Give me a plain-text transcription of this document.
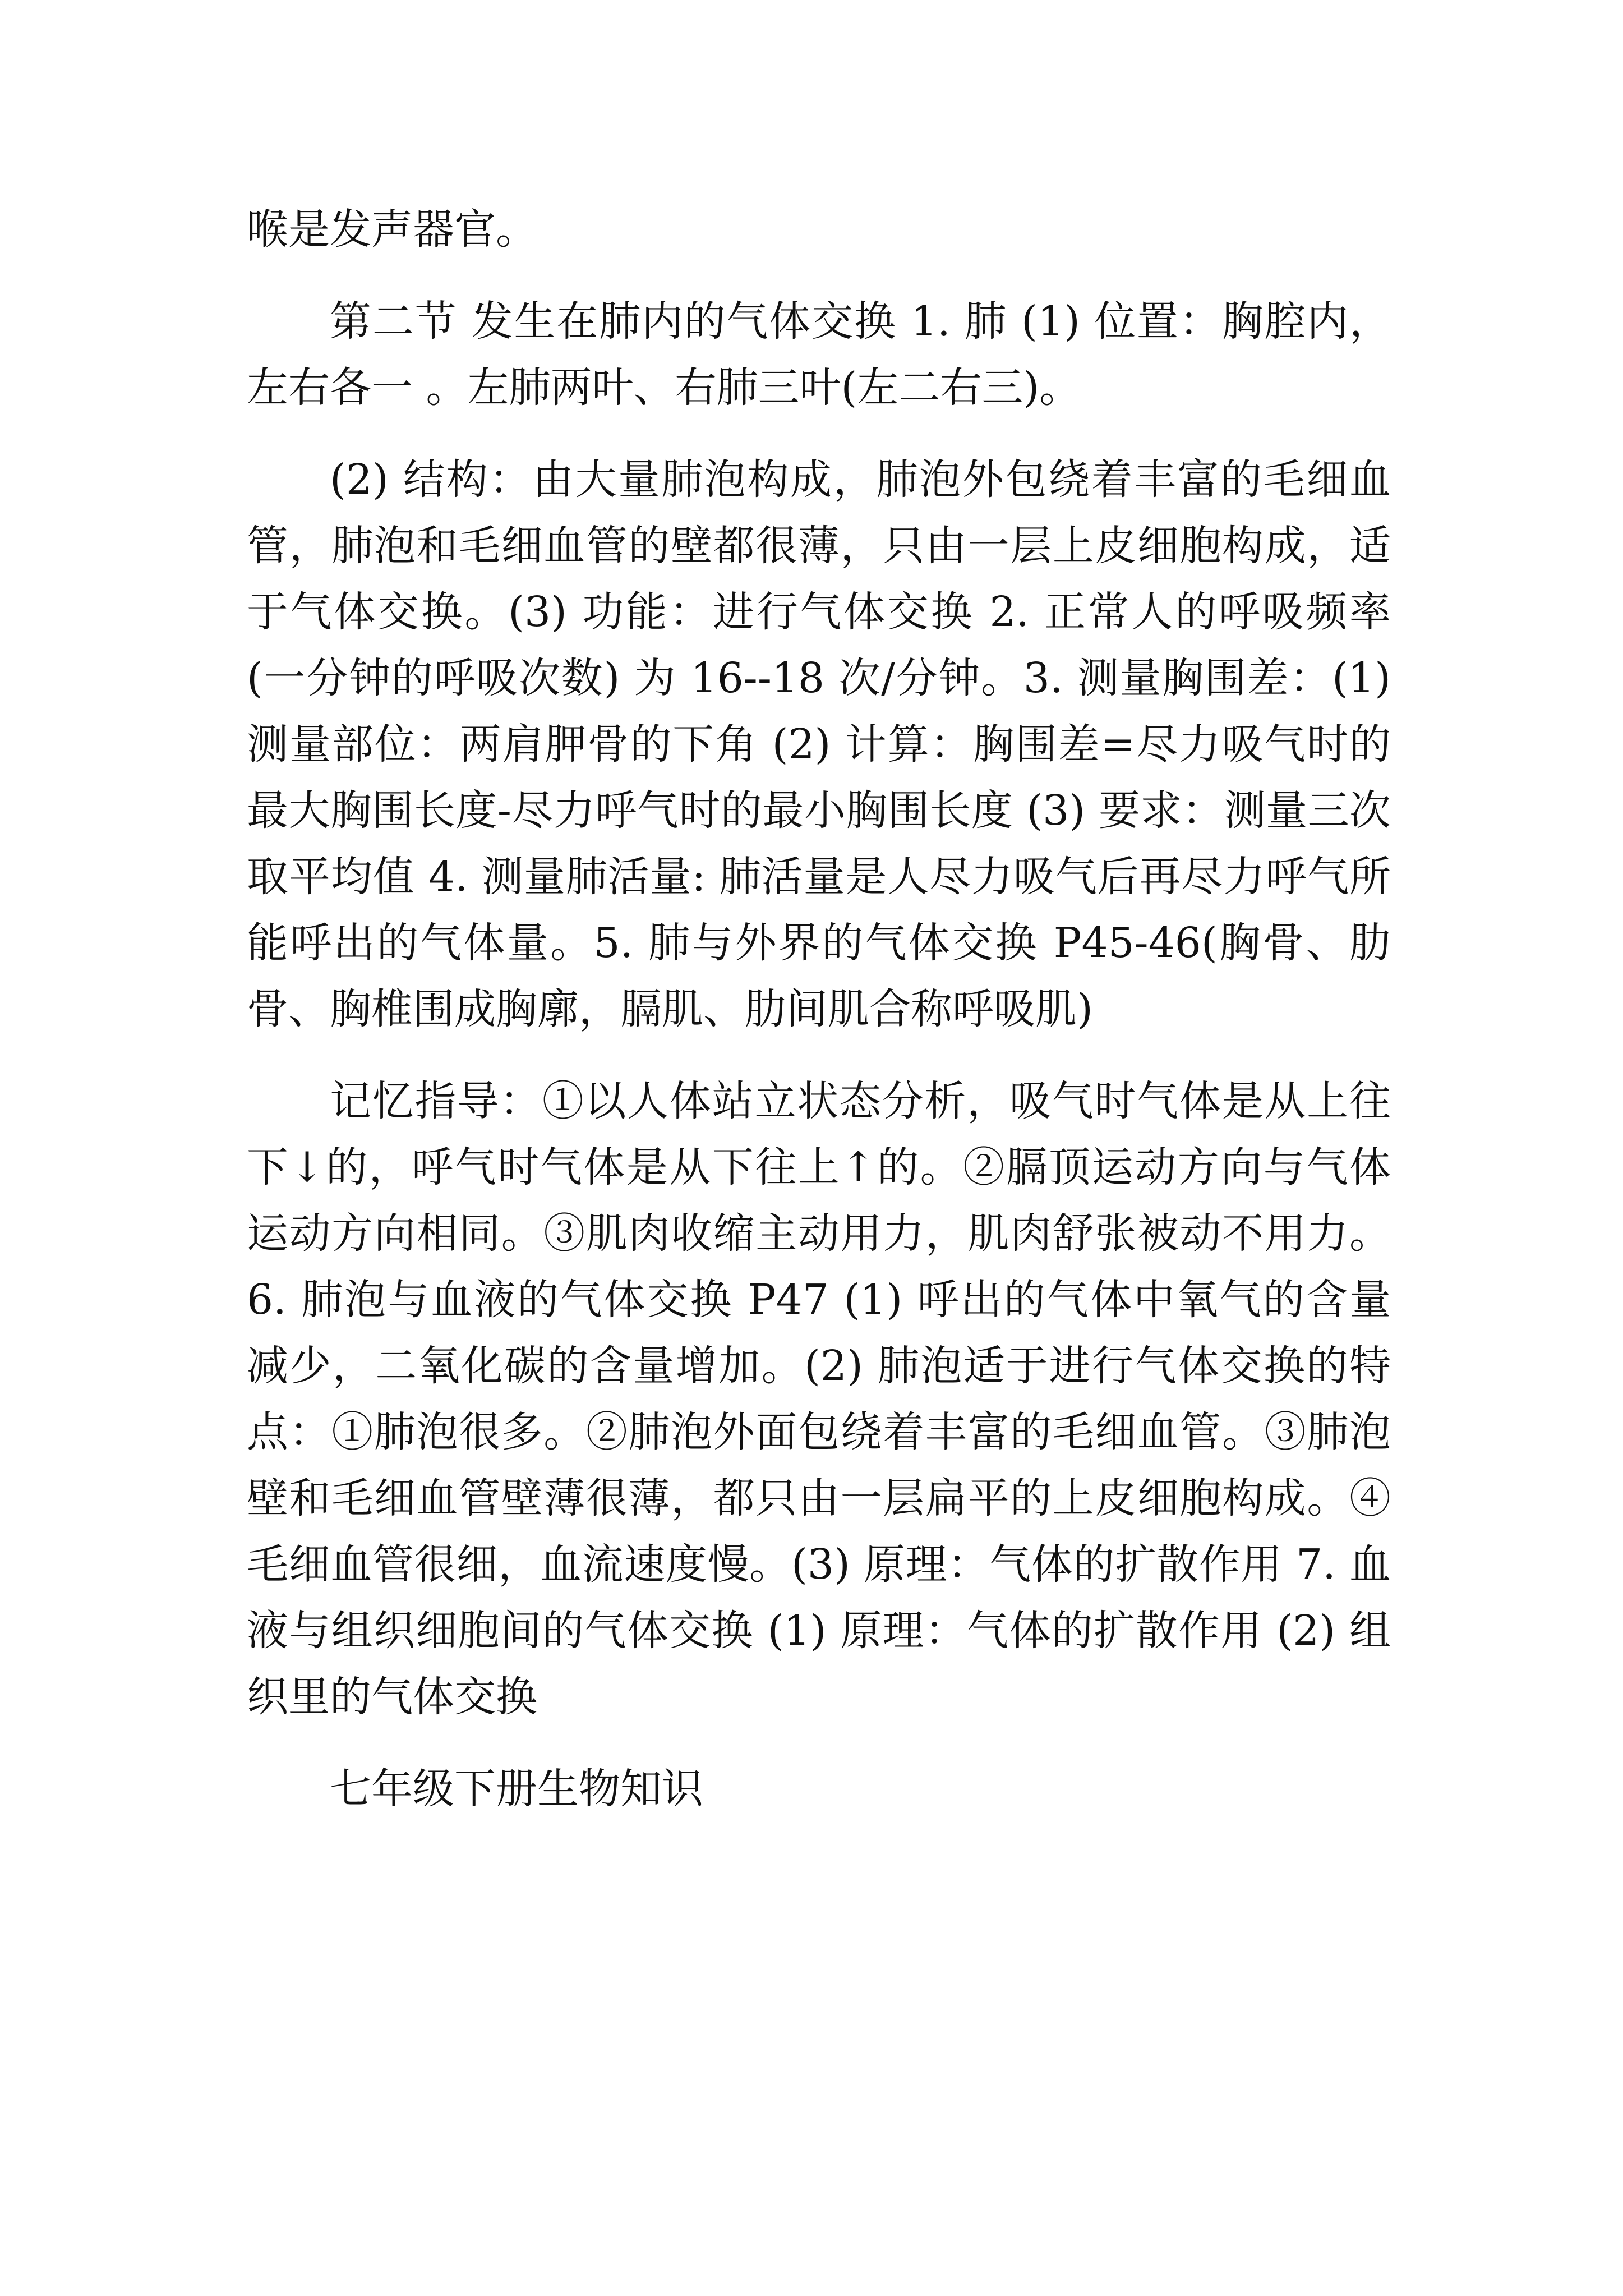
喉是发声器官。

第二节 发生在肺内的气体交换 1. 肺 (1) 位置：胸腔内，左右各一 。左肺两叶、右肺三叶(左二右三)。

(2) 结构：由大量肺泡构成，肺泡外包绕着丰富的毛细血管，肺泡和毛细血管的壁都很薄，只由一层上皮细胞构成，适于气体交换。(3) 功能：进行气体交换 2. 正常人的呼吸频率(一分钟的呼吸次数) 为 16--18 次/分钟。3. 测量胸围差：(1) 测量部位：两肩胛骨的下角 (2) 计算：胸围差=尽力吸气时的最大胸围长度-尽力呼气时的最小胸围长度 (3) 要求：测量三次取平均值 4. 测量肺活量: 肺活量是人尽力吸气后再尽力呼气所能呼出的气体量。5. 肺与外界的气体交换 P45-46(胸骨、肋骨、胸椎围成胸廓，膈肌、肋间肌合称呼吸肌)

记忆指导：①以人体站立状态分析，吸气时气体是从上往下↓的，呼气时气体是从下往上↑的。②膈顶运动方向与气体运动方向相同。③肌肉收缩主动用力，肌肉舒张被动不用力。6. 肺泡与血液的气体交换 P47 (1) 呼出的气体中氧气的含量减少，二氧化碳的含量增加。(2) 肺泡适于进行气体交换的特点：①肺泡很多。②肺泡外面包绕着丰富的毛细血管。③肺泡壁和毛细血管壁薄很薄，都只由一层扁平的上皮细胞构成。④毛细血管很细，血流速度慢。(3) 原理：气体的扩散作用 7. 血液与组织细胞间的气体交换 (1) 原理：气体的扩散作用 (2) 组织里的气体交换

七年级下册生物知识
